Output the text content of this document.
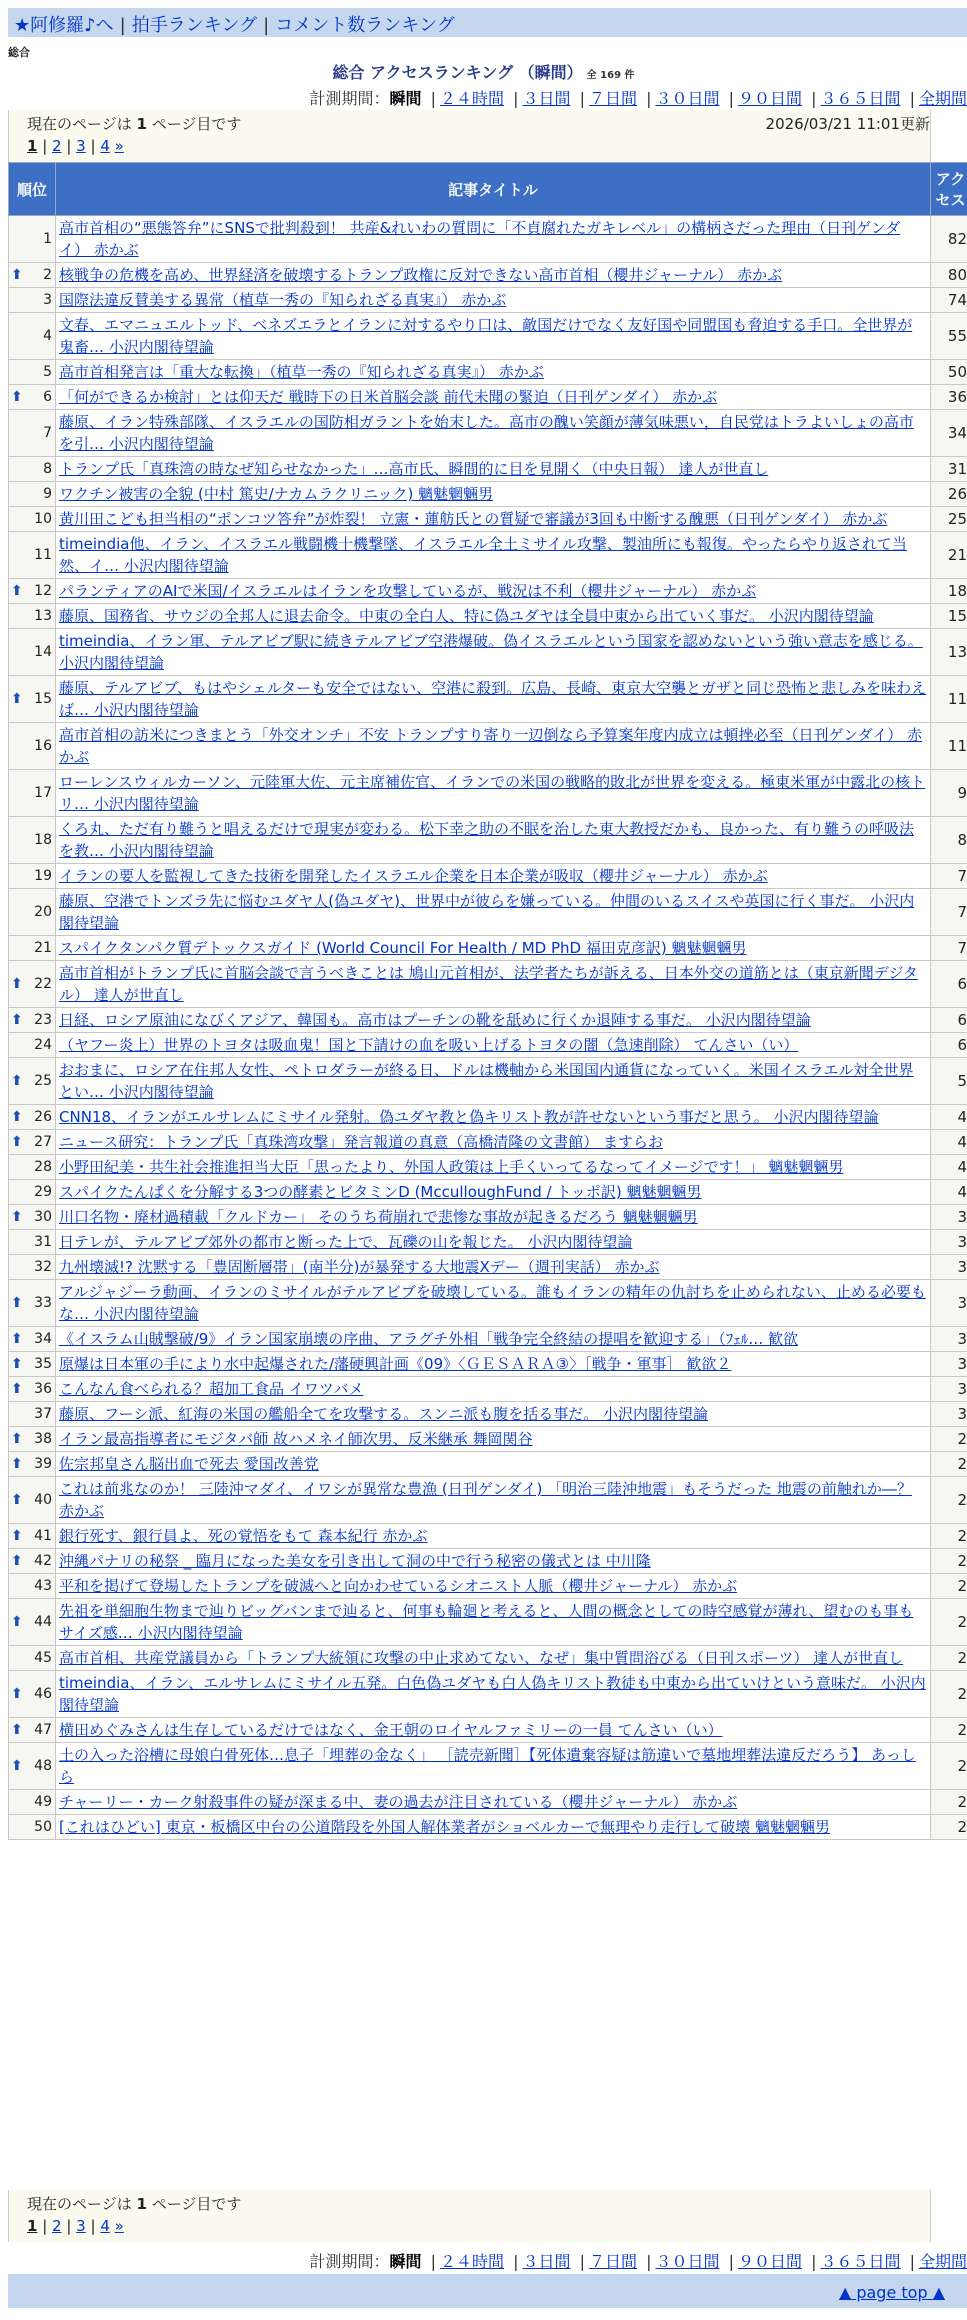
★阿修羅♪へ | 拍手ランキング | コメント数ランキング
総合
総合 アクセスランキング （瞬間） 全 169 件
計測期間：瞬間 | ２４時間 | ３日間 | ７日間 | ３０日間 | ９０日間 | ３６５日間 | 全期間
現在のページは 1 ページ目です	2026/03/21 11:01更新
1 | 2 | 3 | 4 »
順位	記事タイトル	アクセス
1	高市首相の“悪態答弁”にSNSで批判殺到！ 共産&れいわの質問に「不貞腐れたガキレベル」の構柄さだった理由（日刊ゲンダイ） 赤かぶ	82

⬆ 2	核戦争の危機を高め、世界経済を破壊するトランプ政権に反対できない高市首相（櫻井ジャーナル） 赤かぶ	80
3	国際法違反賛美する異常（植草一秀の『知られざる真実』） 赤かぶ	74
4	文春、エマニュエルトッド、ベネズエラとイランに対するやり口は、敵国だけでなく友好国や同盟国も脅迫する手口。全世界が鬼畜… 小沢内閣待望論	55
5	高市首相発言は「重大な転換」（植草一秀の『知られざる真実』） 赤かぶ	50

⬆ 6	「何ができるか検討」とは仰天だ 戦時下の日米首脳会談 前代未聞の緊迫（日刊ゲンダイ） 赤かぶ	36
7	藤原、イラン特殊部隊、イスラエルの国防相ガラントを始末した。高市の醜い笑顔が薄気味悪い，自民党はトラよいしょの高市を引… 小沢内閣待望論	34
8	トランプ氏「真珠湾の時なぜ知らせなかった」…高市氏、瞬間的に目を見開く（中央日報） 達人が世直し	31
9	ワクチン被害の全貌 (中村 篤史/ナカムラクリニック) 魑魅魍魎男	26
10	黄川田こども担当相の“ポンコツ答弁”が炸裂！ 立憲・蓮舫氏との質疑で審議が3回も中断する醜悪（日刊ゲンダイ） 赤かぶ	25
11	timeindia他、イラン、イスラエル戦闘機十機撃墜、イスラエル全土ミサイル攻撃、製油所にも報復。やったらやり返されて当然、イ… 小沢内閣待望論	21

⬆ 12	パランティアのAIで米国/イスラエルはイランを攻撃しているが、戦況は不利（櫻井ジャーナル） 赤かぶ	18
13	藤原、国務省、サウジの全邦人に退去命令。中東の全白人、特に偽ユダヤは全員中東から出ていく事だ。 小沢内閣待望論	15
14	timeindia、イラン軍、テルアビブ駅に続きテルアビブ空港爆破。偽イスラエルという国家を認めないという強い意志を感じる。 小沢内閣待望論	13

⬆ 15	藤原、テルアビブ、もはやシェルターも安全ではない、空港に殺到。広島、長崎、東京大空襲とガザと同じ恐怖と悲しみを味わえば… 小沢内閣待望論	11
16	高市首相の訪米につきまとう「外交オンチ」不安 トランプすり寄り一辺倒なら予算案年度内成立は頓挫必至（日刊ゲンダイ） 赤かぶ	11
17	ローレンスウィルカーソン、元陸軍大佐、元主席補佐官、イランでの米国の戦略的敗北が世界を変える。極東米軍が中露北の核トリ… 小沢内閣待望論	9
18	くろ丸、ただ有り難うと唱えるだけで現実が変わる。松下幸之助の不眠を治した東大教授だかも、良かった、有り難うの呼吸法を教… 小沢内閣待望論	8
19	イランの要人を監視してきた技術を開発したイスラエル企業を日本企業が吸収（櫻井ジャーナル） 赤かぶ	7
20	藤原、空港でトンズラ先に悩むユダヤ人(偽ユダヤ)、世界中が彼らを嫌っている。仲間のいるスイスや英国に行く事だ。 小沢内閣待望論	7
21	スパイクタンパク質デトックスガイド (World Council For Health / MD PhD 福田克彦訳) 魑魅魍魎男	7

⬆ 22	高市首相がトランプ氏に首脳会談で言うべきことは 鳩山元首相が、法学者たちが訴える、日本外交の道筋とは（東京新聞デジタル） 達人が世直し	6

⬆ 23	日経、ロシア原油になびくアジア、韓国も。高市はプーチンの靴を舐めに行くか退陣する事だ。 小沢内閣待望論	6
24	（ヤフー炎上）世界のトヨタは吸血鬼！国と下請けの血を吸い上げるトヨタの闇（急速削除） てんさい（い）	6

⬆ 25	おおまに、ロシア在住邦人女性、ペトロダラーが終る日、ドルは機軸から米国国内通貨になっていく。米国イスラエル対全世界とい… 小沢内閣待望論	5

⬆ 26	CNN18、イランがエルサレムにミサイル発射。偽ユダヤ教と偽キリスト教が許せないという事だと思う。 小沢内閣待望論	4

⬆ 27	ニュース研究：トランプ氏「真珠湾攻撃」発言報道の真意（高橋清隆の文書館） ますらお	4
28	小野田紀美・共生社会推進担当大臣「思ったより、外国人政策は上手くいってるなってイメージです！」 魑魅魍魎男	4
29	スパイクたんぱくを分解する3つの酵素とビタミンD (McculloughFund / トッポ訳) 魑魅魍魎男	4

⬆ 30	川口名物・廃材過積載「クルドカー」 そのうち荷崩れで悲惨な事故が起きるだろう 魑魅魍魎男	3
31	日テレが、テルアビブ郊外の都市と断った上で、瓦礫の山を報じた。 小沢内閣待望論	3
32	九州壊滅!? 沈黙する「豊固断層帯」(南半分)が暴発する大地震Xデー（週刊実話） 赤かぶ	3

⬆ 33	アルジャジーラ動画、イランのミサイルがテルアビブを破壊している。誰もイランの精年の仇討ちを止められない、止める必要もな… 小沢内閣待望論	3

⬆ 34	《イスラム山賊撃破/9》イラン国家崩壊の序曲、アラグチ外相「戦争完全終結の提唱を歓迎する」（ﾌｪﾙ… 歓欲	3

⬆ 35	原爆は日本軍の手により水中起爆された/藩硬興計画《09》〈ＧＥＳＡＲＡ③〉［戦争・軍事］ 歓欲２	3

⬆ 36	こんなん食べられる？超加工食品 イワツバメ	3
37	藤原、フーシ派、紅海の米国の艦船全てを攻撃する。スンニ派も腹を括る事だ。 小沢内閣待望論	3

⬆ 38	イラン最高指導者にモジタバ師 故ハメネイ師次男、反米継承 舞岡関谷	2

⬆ 39	佐宗邦皇さん脳出血で死去 愛国改善党	2

⬆ 40	これは前兆なのか！ 三陸沖マダイ、イワシが異常な豊漁 (日刊ゲンダイ) 「明治三陸沖地震」もそうだった 地震の前触れか―？ 赤かぶ	2

⬆ 41	銀行死す、銀行員よ、死の覚悟をもて 森本紀行 赤かぶ	2

⬆ 42	沖縄パナリの秘祭 _ 臨月になった美女を引き出して洞の中で行う秘密の儀式とは 中川隆	2
43	平和を掲げて登場したトランプを破滅へと向かわせているシオニスト人脈（櫻井ジャーナル） 赤かぶ	2

⬆ 44	先祖を単細胞生物まで辿りビッグバンまで辿ると、何事も輪廻と考えると、人間の概念としての時空感覚が薄れ、望むのも事もサイズ感… 小沢内閣待望論	2
45	高市首相、共産党議員から「トランプ大統領に攻撃の中止求めてない、なぜ」集中質問浴びる（日刊スポーツ） 達人が世直し	2

⬆ 46	timeindia、イラン、エルサレムにミサイル五発。白色偽ユダヤも白人偽キリスト教徒も中東から出ていけという意味だ。 小沢内閣待望論	2

⬆ 47	横田めぐみさんは生存しているだけではなく、金王朝のロイヤルファミリーの一員 てんさい（い）	2

⬆ 48	土の入った浴槽に母娘白骨死体…息子「埋葬の金なく」 ［読売新聞］【死体遺棄容疑は筋違いで墓地埋葬法違反だろう】 あっしら	2
49	チャーリー・カーク射殺事件の疑が深まる中、妻の過去が注目されている（櫻井ジャーナル） 赤かぶ	2
50	[これはひどい] 東京・板橋区中台の公道階段を外国人解体業者がショベルカーで無理やり走行して破壊 魑魅魍魎男	2
現在のページは 1 ページ目です
1 | 2 | 3 | 4 »
計測期間：瞬間 | ２４時間 | ３日間 | ７日間 | ３０日間 | ９０日間 | ３６５日間 | 全期間
▲ page top ▲
